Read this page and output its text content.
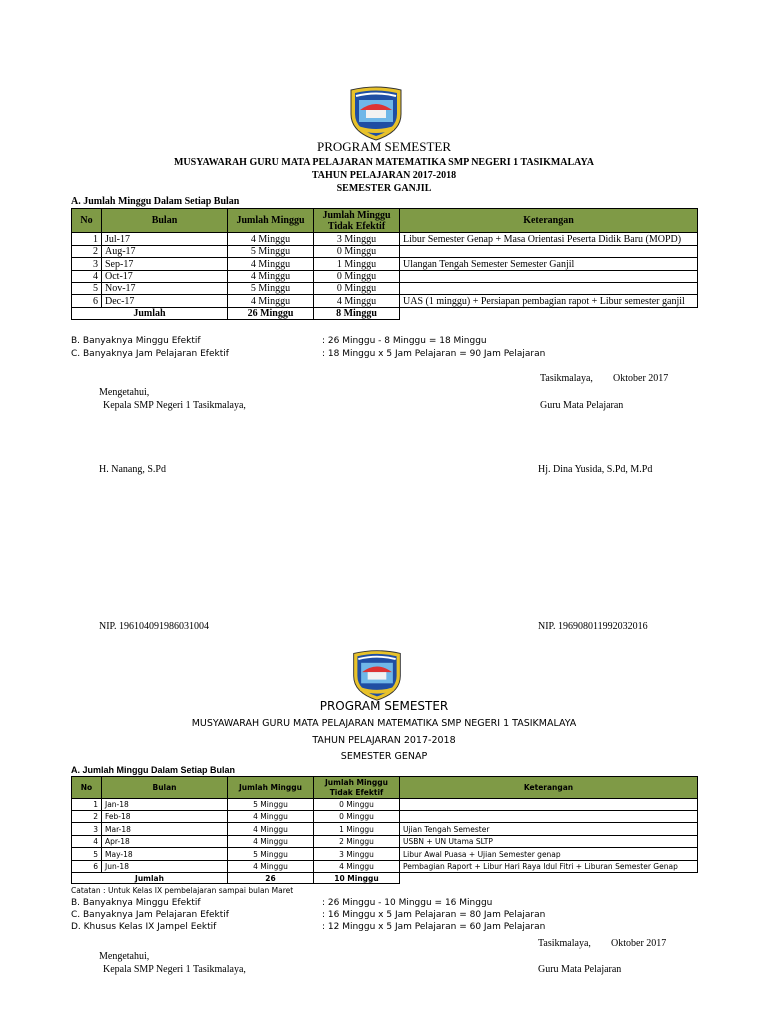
PROGRAM SEMESTER
MUSYAWARAH GURU MATA PELAJARAN MATEMATIKA SMP NEGERI 1 TASIKMALAYA
TAHUN PELAJARAN 2017-2018
SEMESTER GANJIL
A. Jumlah Minggu Dalam Setiap Bulan
No	Bulan	Jumlah Minggu	Jumlah Minggu
Tidak Efektif	Keterangan
1	Jul-17	4 Minggu	3 Minggu	Libur Semester Genap + Masa Orientasi Peserta Didik Baru (MOPD)
2	Aug-17	5 Minggu	0 Minggu	
3	Sep-17	4 Minggu	1 Minggu	Ulangan Tengah Semester Semester Ganjil
4	Oct-17	4 Minggu	0 Minggu	
5	Nov-17	5 Minggu	0 Minggu	
6	Dec-17	4 Minggu	4 Minggu	UAS (1 minggu) + Persiapan pembagian rapot + Libur semester ganjil
Jumlah		26 Minggu	8 Minggu	
B. Banyaknya Minggu Efektif	: 26 Minggu - 8 Minggu = 18 Minggu
C. Banyaknya Jam Pelajaran Efektif	: 18 Minggu x 5 Jam Pelajaran = 90 Jam Pelajaran
Tasikmalaya, Oktober 2017
Mengetahui,
Kepala SMP Negeri 1 Tasikmalaya,	Guru Mata Pelajaran
H. Nanang, S.Pd	Hj. Dina Yusida, S.Pd, M.Pd
NIP. 196104091986031004	NIP. 196908011992032016
PROGRAM SEMESTER
MUSYAWARAH GURU MATA PELAJARAN MATEMATIKA SMP NEGERI 1 TASIKMALAYA
TAHUN PELAJARAN 2017-2018
SEMESTER GENAP
A. Jumlah Minggu Dalam Setiap Bulan
No	Bulan	Jumlah Minggu	Jumlah Minggu
Tidak Efektif	Keterangan
1	Jan-18	5 Minggu	0 Minggu	
2	Feb-18	4 Minggu	0 Minggu	
3	Mar-18	4 Minggu	1 Minggu	Ujian Tengah Semester
4	Apr-18	4 Minggu	2 Minggu	USBN + UN Utama SLTP
5	May-18	5 Minggu	3 Minggu	Libur Awal Puasa + Ujian Semester genap
6	Jun-18	4 Minggu	4 Minggu	Pembagian Raport + Libur Hari Raya Idul Fitri + Liburan Semester Genap
Jumlah		26	10 Minggu	
Catatan : Untuk Kelas IX pembelajaran sampai bulan Maret
B. Banyaknya Minggu Efektif	: 26 Minggu - 10 Minggu = 16 Minggu
C. Banyaknya Jam Pelajaran Efektif	: 16 Minggu x 5 Jam Pelajaran = 80 Jam Pelajaran
D. Khusus Kelas IX Jampel Eektif	: 12 Minggu x 5 Jam Pelajaran = 60 Jam Pelajaran
Tasikmalaya, Oktober 2017
Mengetahui,
Kepala SMP Negeri 1 Tasikmalaya,	Guru Mata Pelajaran
